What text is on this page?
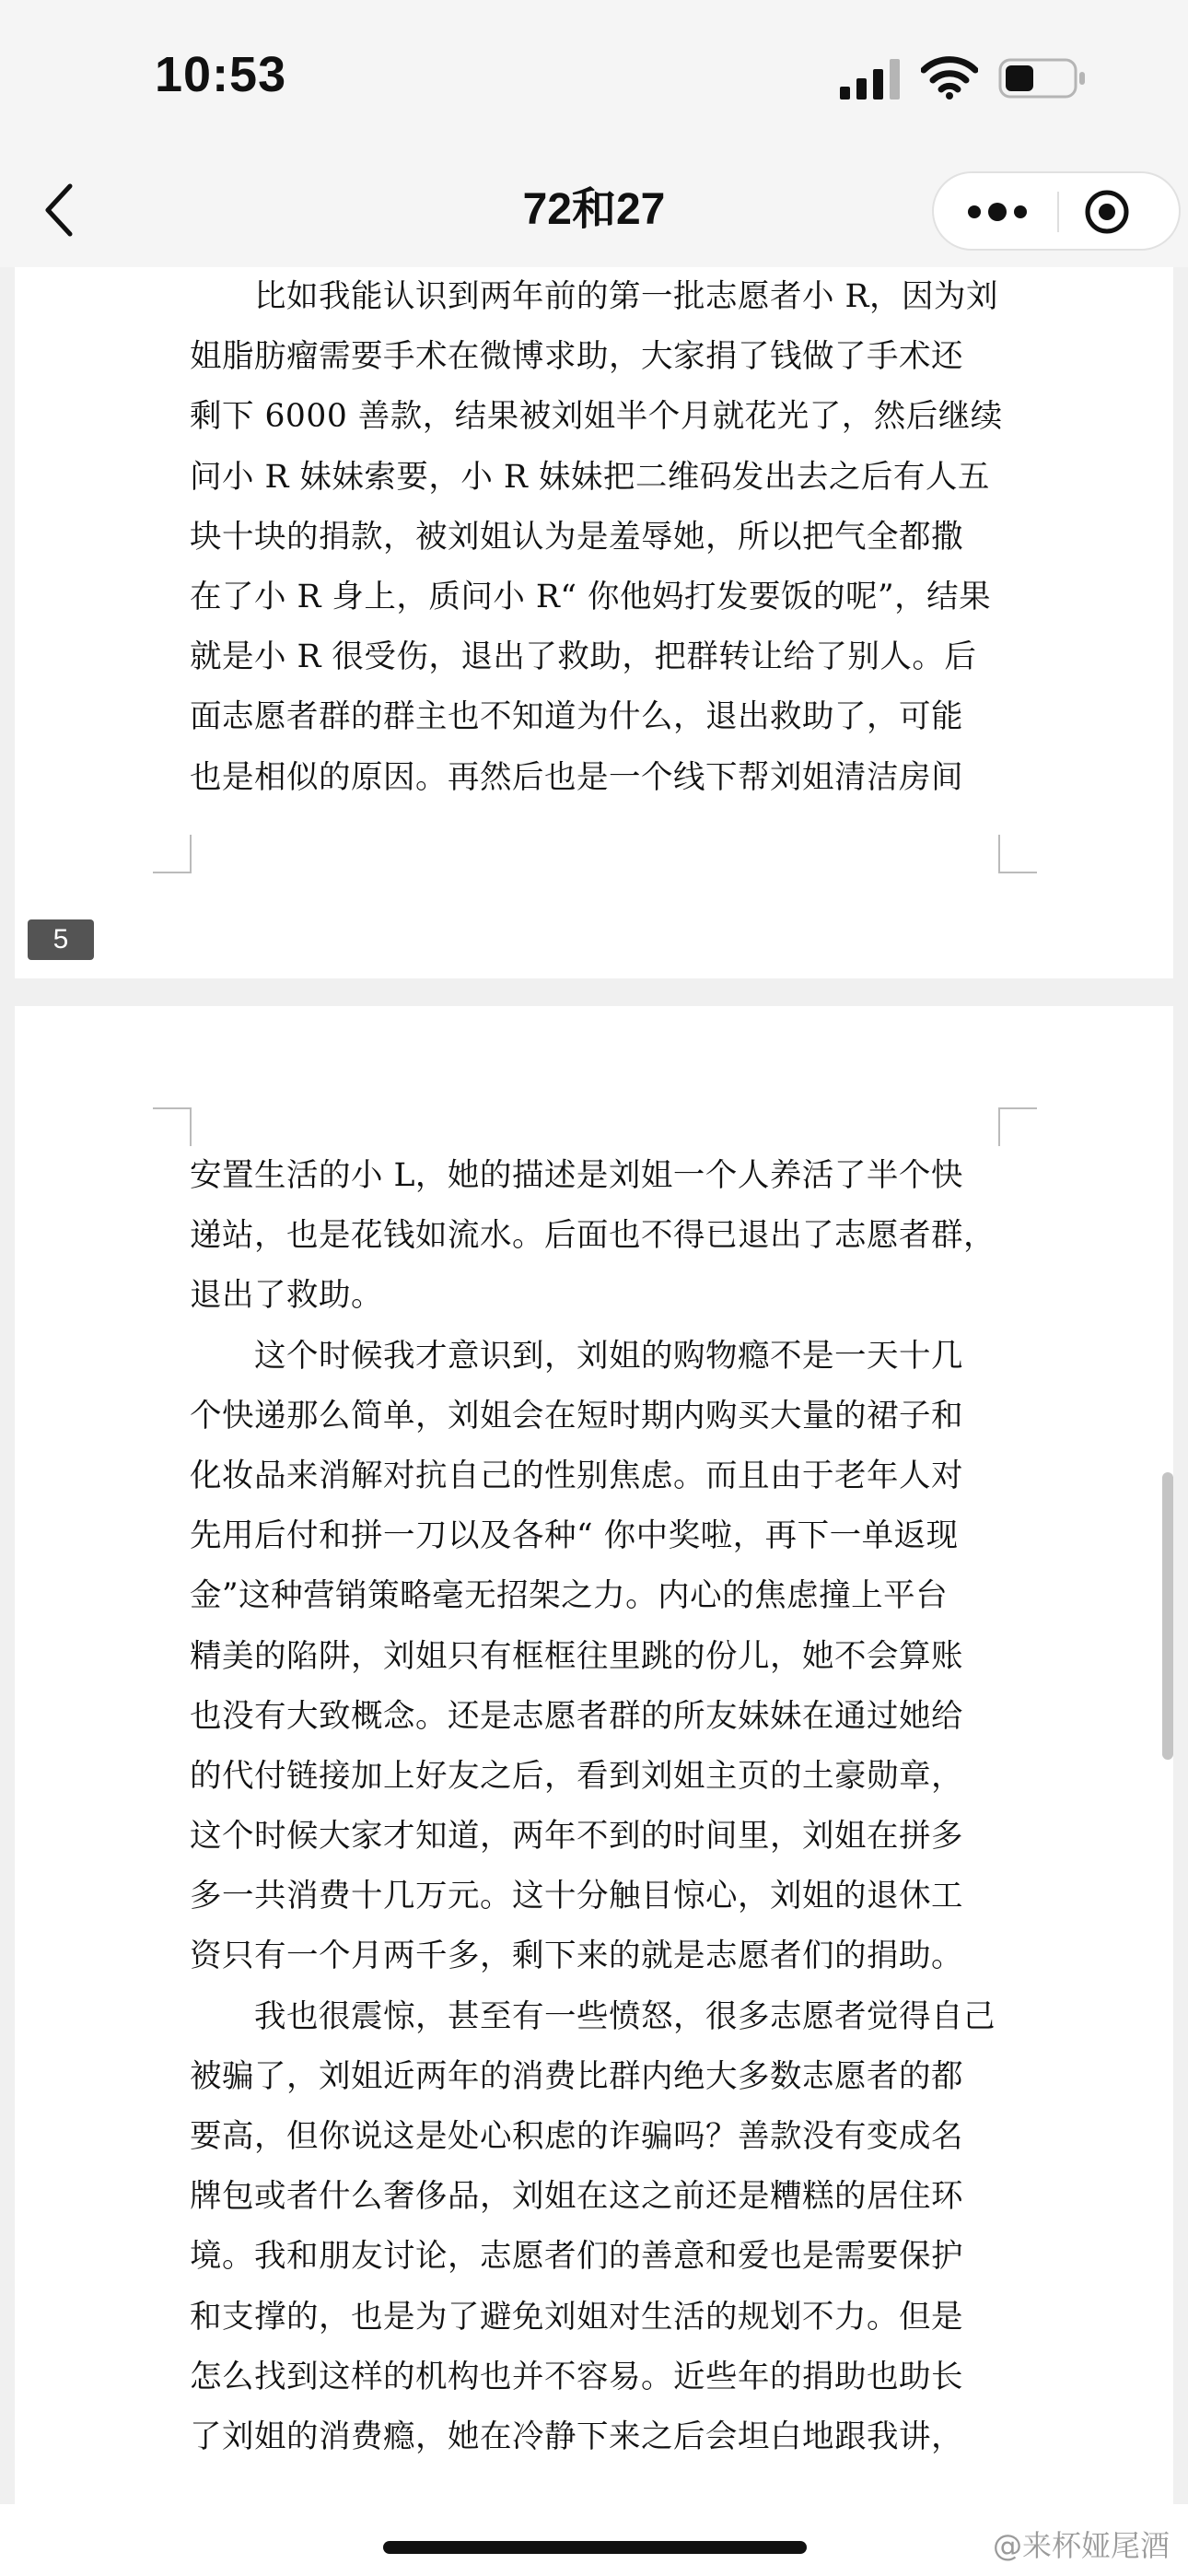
10:53
72和27
　　比如我能认识到两年前的第一批志愿者小 R，因为刘
姐脂肪瘤需要手术在微博求助，大家捐了钱做了手术还
剩下 6000 善款，结果被刘姐半个月就花光了，然后继续
问小 R 妹妹索要，小 R 妹妹把二维码发出去之后有人五
块十块的捐款，被刘姐认为是羞辱她，所以把气全都撒
在了小 R 身上，质问小 R“ 你他妈打发要饭的呢”，结果
就是小 R 很受伤，退出了救助，把群转让给了别人。后
面志愿者群的群主也不知道为什么，退出救助了，可能
也是相似的原因。再然后也是一个线下帮刘姐清洁房间
5
安置生活的小 L，她的描述是刘姐一个人养活了半个快
递站，也是花钱如流水。后面也不得已退出了志愿者群，
退出了救助。
　　这个时候我才意识到，刘姐的购物瘾不是一天十几
个快递那么简单，刘姐会在短时期内购买大量的裙子和
化妆品来消解对抗自己的性别焦虑。而且由于老年人对
先用后付和拼一刀以及各种“ 你中奖啦，再下一单返现
金”这种营销策略毫无招架之力。内心的焦虑撞上平台
精美的陷阱，刘姐只有框框往里跳的份儿，她不会算账
也没有大致概念。还是志愿者群的所友妹妹在通过她给
的代付链接加上好友之后，看到刘姐主页的土豪勋章，
这个时候大家才知道，两年不到的时间里，刘姐在拼多
多一共消费十几万元。这十分触目惊心，刘姐的退休工
资只有一个月两千多，剩下来的就是志愿者们的捐助。
　　我也很震惊，甚至有一些愤怒，很多志愿者觉得自己
被骗了，刘姐近两年的消费比群内绝大多数志愿者的都
要高，但你说这是处心积虑的诈骗吗？善款没有变成名
牌包或者什么奢侈品，刘姐在这之前还是糟糕的居住环
境。我和朋友讨论，志愿者们的善意和爱也是需要保护
和支撑的，也是为了避免刘姐对生活的规划不力。但是
怎么找到这样的机构也并不容易。近些年的捐助也助长
了刘姐的消费瘾，她在冷静下来之后会坦白地跟我讲，
@来杯娅尾酒
